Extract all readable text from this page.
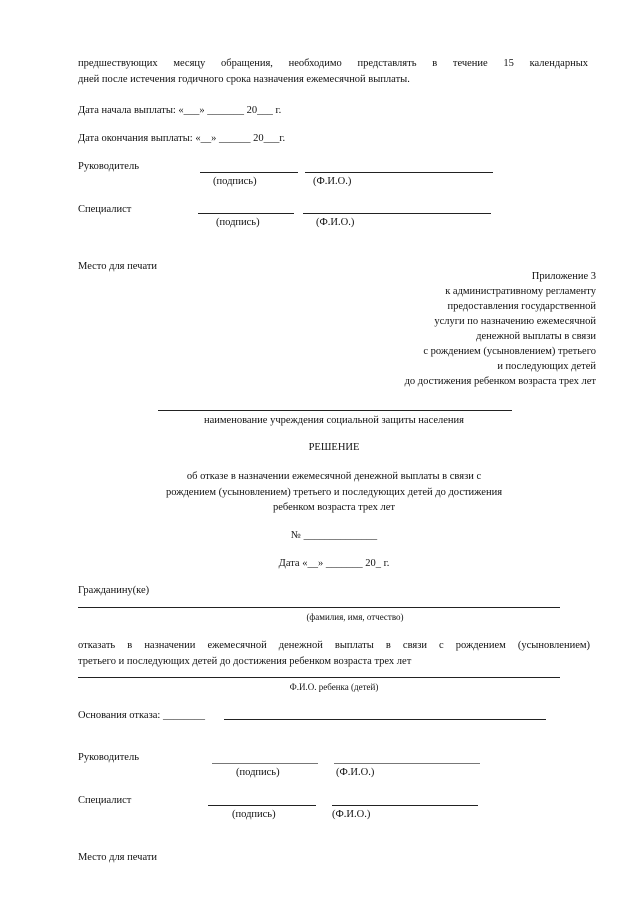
предшествующих месяцу обращения, необходимо представлять в течение 15 календарных
дней после истечения годичного срока назначения ежемесячной выплаты.
Дата начала выплаты: «___» _______ 20___ г.
Дата окончания выплаты: «__» ______ 20___г.
Руководитель
(подпись)	(Ф.И.О.)
Специалист
(подпись)	(Ф.И.О.)
Место для печати
Приложение 3
к административному регламенту
предоставления государственной
услуги по назначению ежемесячной
денежной выплаты в связи
с рождением (усыновлением) третьего
и последующих детей
до достижения ребенком возраста трех лет
наименование учреждения социальной защиты населения
РЕШЕНИЕ
об отказе в назначении ежемесячной денежной выплаты в связи с
рождением (усыновлением) третьего и последующих детей до достижения
ребенком возраста трех лет
№ ______________
Дата «__» _______ 20_ г.
Гражданину(ке)
(фамилия, имя, отчество)
отказать в назначении ежемесячной денежной выплаты в связи с рождением (усыновлением)
третьего и последующих детей до достижения ребенком возраста трех лет
Ф.И.О. ребенка (детей)
Основания отказа: ________
Руководитель
(подпись)	(Ф.И.О.)
Специалист
(подпись)	(Ф.И.О.)
Место для печати
